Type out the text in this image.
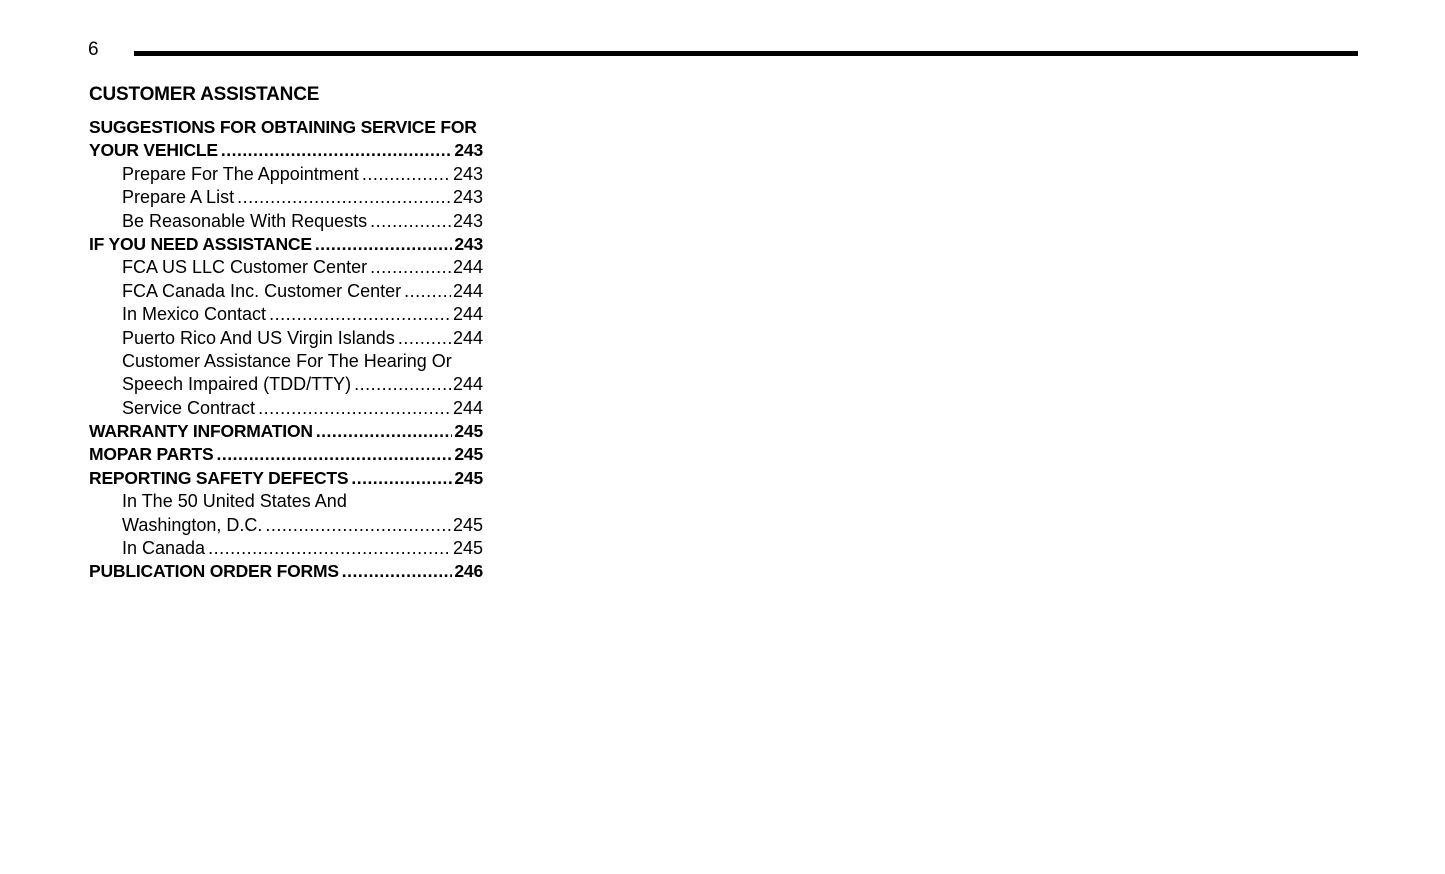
6
CUSTOMER ASSISTANCE
SUGGESTIONS FOR OBTAINING SERVICE FOR
YOUR VEHICLE .....	243
Prepare For The Appointment .....	243
Prepare A List .....	243
Be Reasonable With Requests .....	243
IF YOU NEED ASSISTANCE .....	243
FCA US LLC Customer Center .....	244
FCA Canada Inc. Customer Center .....	244
In Mexico Contact .....	244
Puerto Rico And US Virgin Islands .....	244
Customer Assistance For The Hearing Or
Speech Impaired (TDD/TTY) .....	244
Service Contract .....	244
WARRANTY INFORMATION .....	245
MOPAR PARTS .....	245
REPORTING SAFETY DEFECTS .....	245
In The 50 United States And
Washington, D.C. .....	245
In Canada .....	245
PUBLICATION ORDER FORMS .....	246
